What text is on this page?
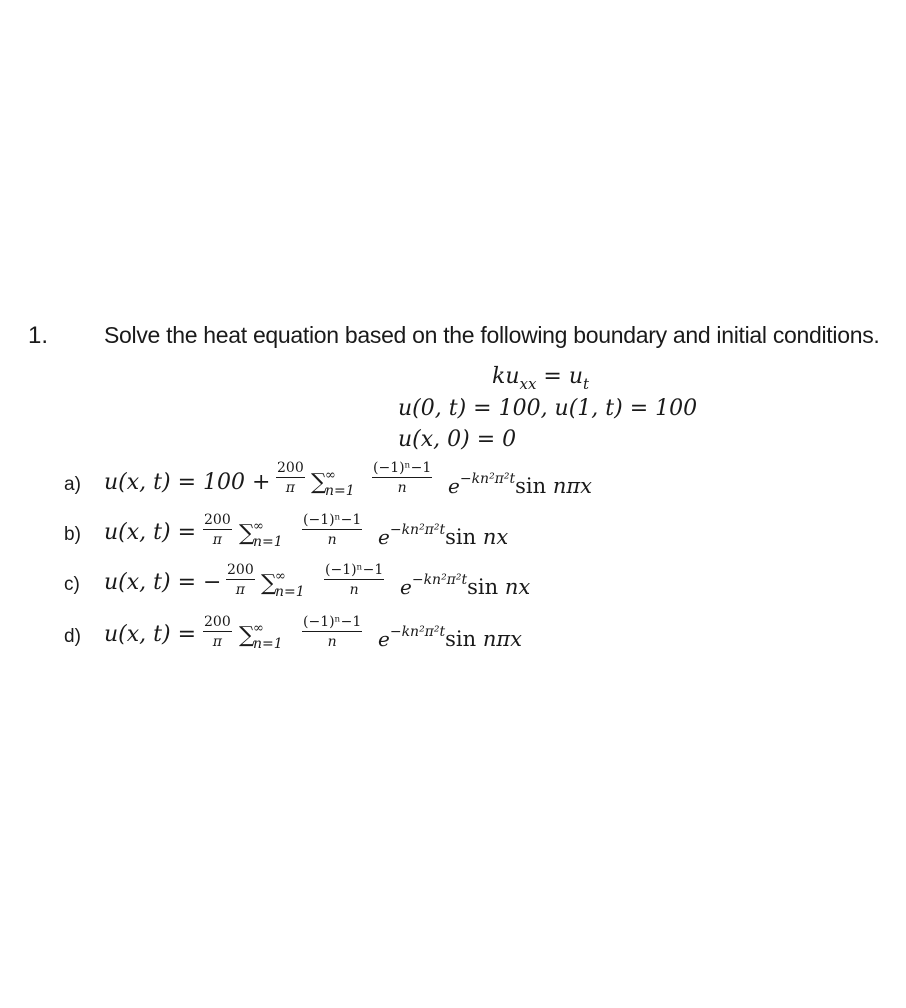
1. Solve the heat equation based on the following boundary and initial conditions.
$ku_{xx} = u_t$
u(0, t) = 100, u(1, t) = 100
u(x, 0) = 0
a) u(x, t) = 100 +
200
π ∑
∞
n=1
(−1)ⁿ−1
n	e−kn²π²tsin nπx
b) u(x, t) = 200
π ∑
∞
n=1
(−1)ⁿ−1
n	e−kn²π²tsin nx
c) u(x, t) = − 200
π ∑
∞
n=1
(−1)ⁿ−1
n	e−kn²π²tsin nx
d) u(x, t) = 200
π ∑
∞
n=1
(−1)ⁿ−1
n	e−kn²π²tsin nπx
